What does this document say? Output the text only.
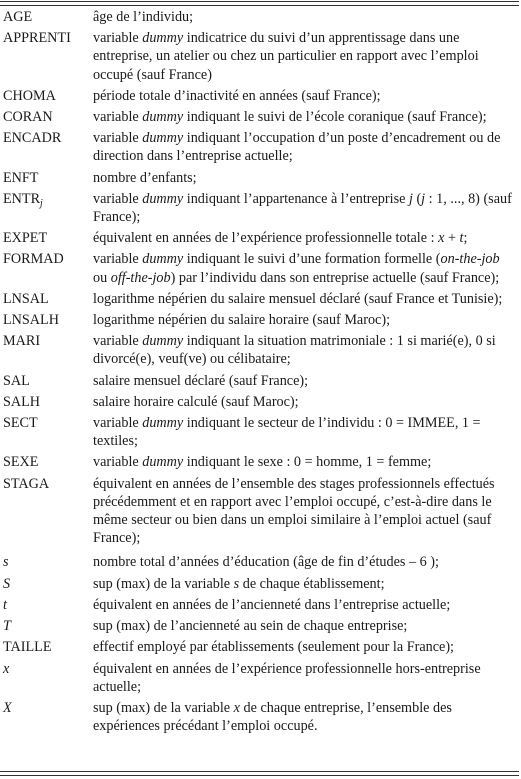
AGE	âge de l’individu;
APPRENTI	variable dummy indicatrice du suivi d’un apprentissage dans une entreprise, un atelier ou chez un particulier en rapport avec l’emploi occupé (sauf France)
CHOMA	période totale d’inactivité en années (sauf France);
CORAN	variable dummy indiquant le suivi de l’école coranique (sauf France);
ENCADR	variable dummy indiquant l’occupation d’un poste d’encadrement ou de direction dans l’entreprise actuelle;
ENFT	nombre d’enfants;
$ENTR_j$	variable dummy indiquant l’appartenance à l’entreprise j (j : 1, ..., 8) (sauf France);
EXPET	équivalent en années de l’expérience professionnelle totale : x + t;
FORMAD	variable dummy indiquant le suivi d’une formation formelle (on-the-job ou off-the-job) par l’individu dans son entreprise actuelle (sauf France);
LNSAL	logarithme népérien du salaire mensuel déclaré (sauf France et Tunisie);
LNSALH	logarithme népérien du salaire horaire (sauf Maroc);
MARI	variable dummy indiquant la situation matrimoniale : 1 si marié(e), 0 si divorcé(e), veuf(ve) ou célibataire;
SAL	salaire mensuel déclaré (sauf France);
SALH	salaire horaire calculé (sauf Maroc);
SECT	variable dummy indiquant le secteur de l’individu : 0 = IMMEE, 1 = textiles;
SEXE	variable dummy indiquant le sexe : 0 = homme, 1 = femme;
STAGA	équivalent en années de l’ensemble des stages professionnels effectués précédemment et en rapport avec l’emploi occupé, c’est-à-dire dans le même secteur ou bien dans un emploi similaire à l’emploi actuel (sauf France);
s	nombre total d’années d’éducation (âge de fin d’études – 6 );
S	sup (max) de la variable s de chaque établissement;
t	équivalent en années de l’ancienneté dans l’entreprise actuelle;
T	sup (max) de l’ancienneté au sein de chaque entreprise;
TAILLE	effectif employé par établissements (seulement pour la France);
x	équivalent en années de l’expérience professionnelle hors-entreprise actuelle;
X	sup (max) de la variable x de chaque entreprise, l’ensemble des expériences précédant l’emploi occupé.
